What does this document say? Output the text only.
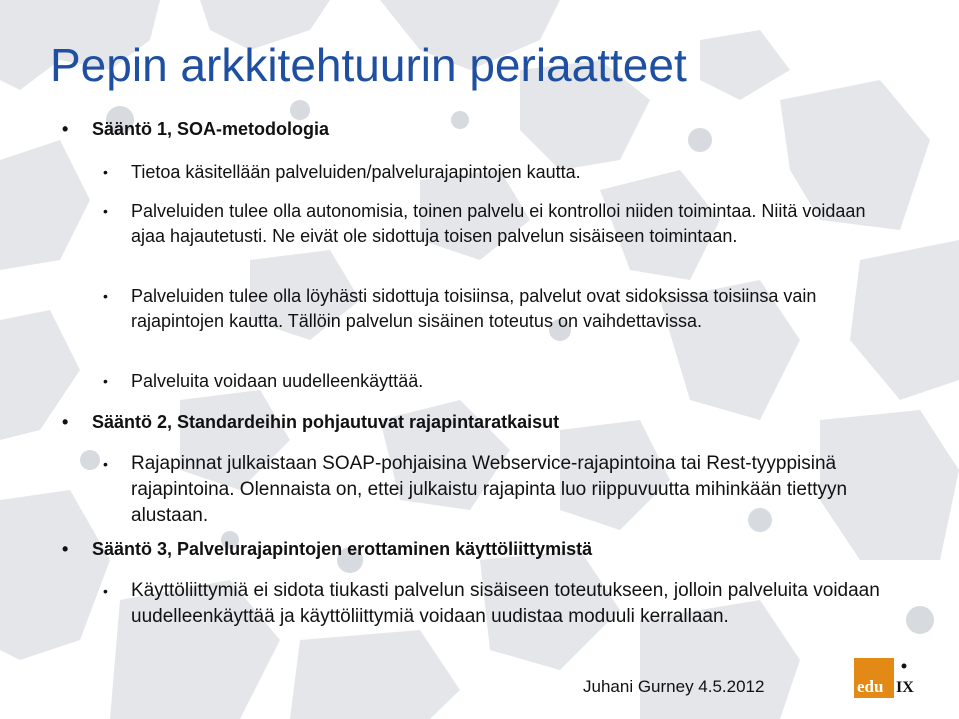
Pepin arkkitehtuurin periaatteet
• Sääntö 1, SOA-metodologia
• Tietoa käsitellään palveluiden/palvelurajapintojen kautta.
• Palveluiden tulee olla autonomisia, toinen palvelu ei kontrolloi niiden toimintaa. Niitä voidaan ajaa hajautetusti. Ne eivät ole sidottuja toisen palvelun sisäiseen toimintaan.
• Palveluiden tulee olla löyhästi sidottuja toisiinsa, palvelut ovat sidoksissa toisiinsa vain rajapintojen kautta. Tällöin palvelun sisäinen toteutus on vaihdettavissa.
• Palveluita voidaan uudelleenkäyttää.
• Sääntö 2, Standardeihin pohjautuvat rajapintaratkaisut
• Rajapinnat julkaistaan SOAP-pohjaisina Webservice-rajapintoina tai Rest-tyyppisinä rajapintoina. Olennaista on, ettei julkaistu rajapinta luo riippuvuutta mihinkään tiettyyn alustaan.
• Sääntö 3, Palvelurajapintojen erottaminen käyttöliittymistä
• Käyttöliittymiä ei sidota tiukasti palvelun sisäiseen toteutukseen, jolloin palveluita voidaan uudelleenkäyttää ja käyttöliittymiä voidaan uudistaa moduuli kerrallaan.
Juhani Gurney 4.5.2012	edu IX
